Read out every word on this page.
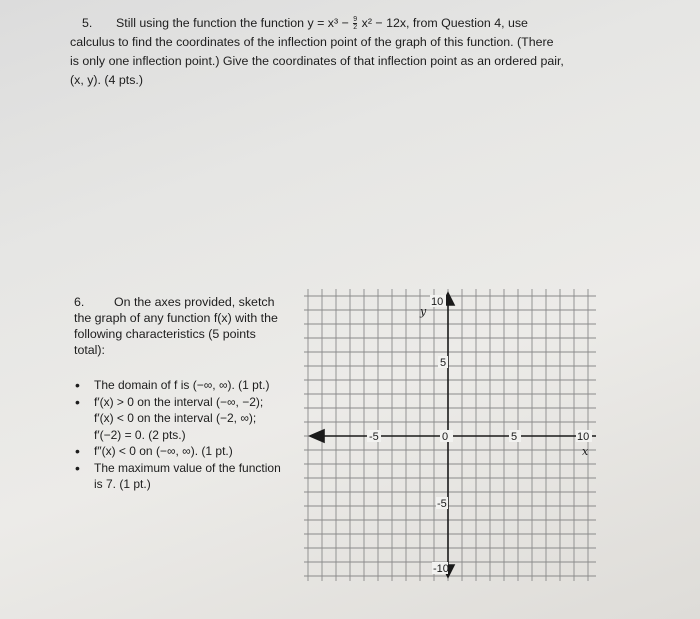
5. Still using the function the function $y = x^3 - \frac{9}{2} x^2 - 12x$, from Question 4, use
calculus to find the coordinates of the inflection point of the graph of this function. (There
is only one inflection point.) Give the coordinates of that inflection point as an ordered pair,
(x, y). (4 pts.)
6. On the axes provided, sketch
the graph of any function f(x) with the
following characteristics (5 points
total):
• The domain of f is (−∞, ∞). (1 pt.)
• f′(x) > 0 on the interval (−∞, −2);
f′(x) < 0 on the interval (−2, ∞);
f′(−2) = 0. (2 pts.)
• f″(x) < 0 on (−∞, ∞). (1 pt.)
• The maximum value of the function
is 7. (1 pt.)
-5	0	5	10
x
10
y
5
-5
-10
